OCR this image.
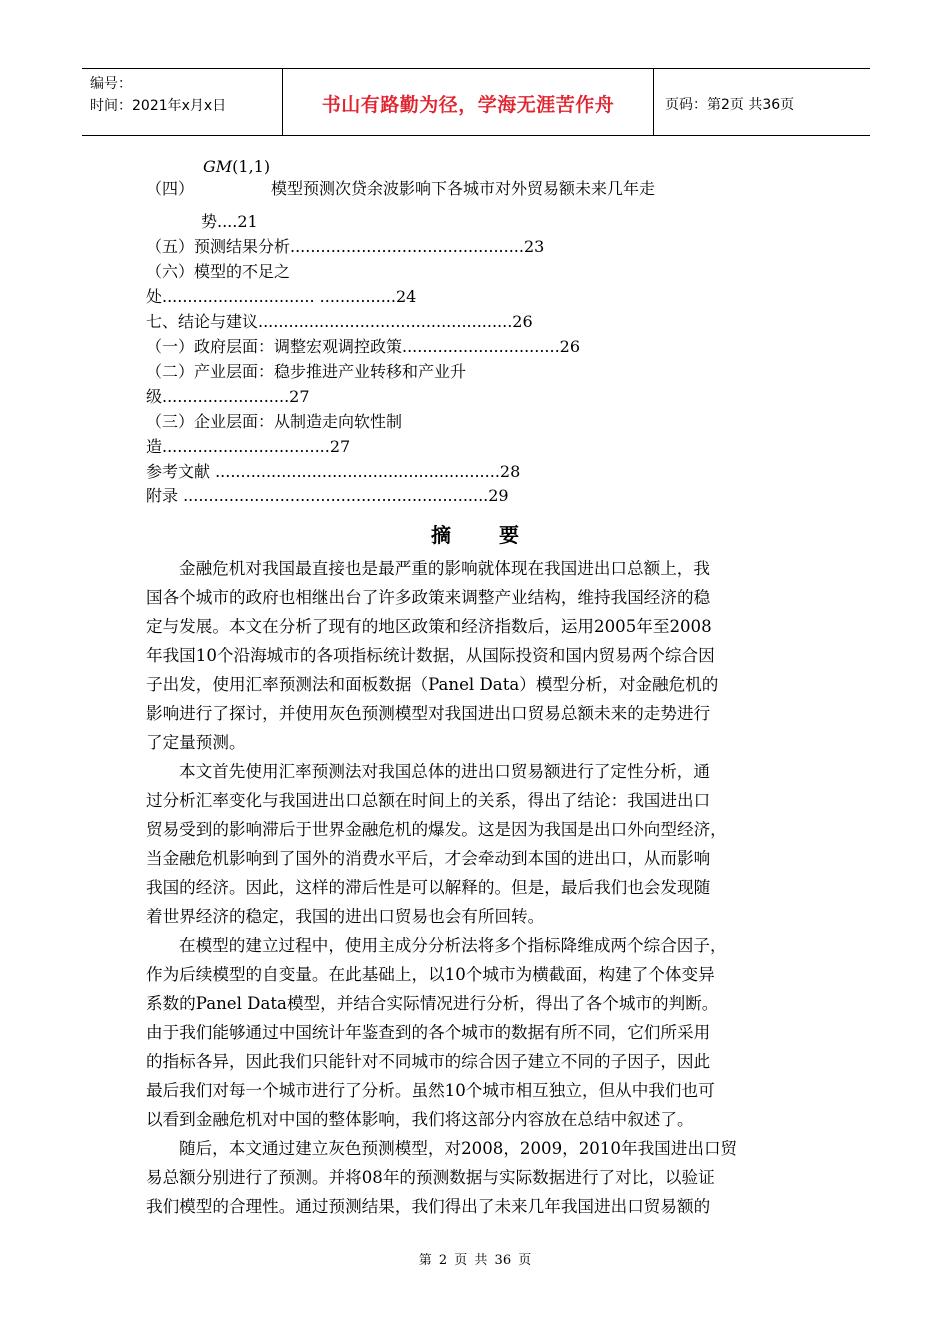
编号：
时间：2021年x月x日	书山有路勤为径，学海无涯苦作舟	页码：第2页 共36页
GM(1,1)
（四）	模型预测次贷余波影响下各城市对外贸易额未来几年走
势....21
（五）预测结果分析..............................................23
（六）模型的不足之
处.............................. ...............24
七、结论与建议..................................................26
（一）政府层面：调整宏观调控政策...............................26
（二）产业层面：稳步推进产业转移和产业升
级.........................27
（三）企业层面：从制造走向软性制
造.................................27
参考文献 ........................................................28
附录 ............................................................29
摘要
金融危机对我国最直接也是最严重的影响就体现在我国进出口总额上，我
国各个城市的政府也相继出台了许多政策来调整产业结构，维持我国经济的稳
定与发展。本文在分析了现有的地区政策和经济指数后，运用2005年至2008
年我国10个沿海城市的各项指标统计数据，从国际投资和国内贸易两个综合因
子出发，使用汇率预测法和面板数据（Panel Data）模型分析，对金融危机的
影响进行了探讨，并使用灰色预测模型对我国进出口贸易总额未来的走势进行
了定量预测。
本文首先使用汇率预测法对我国总体的进出口贸易额进行了定性分析，通
过分析汇率变化与我国进出口总额在时间上的关系，得出了结论：我国进出口
贸易受到的影响滞后于世界金融危机的爆发。这是因为我国是出口外向型经济，
当金融危机影响到了国外的消费水平后，才会牵动到本国的进出口，从而影响
我国的经济。因此，这样的滞后性是可以解释的。但是，最后我们也会发现随
着世界经济的稳定，我国的进出口贸易也会有所回转。
在模型的建立过程中，使用主成分分析法将多个指标降维成两个综合因子，
作为后续模型的自变量。在此基础上，以10个城市为横截面，构建了个体变异
系数的Panel Data模型，并结合实际情况进行分析，得出了各个城市的判断。
由于我们能够通过中国统计年鉴查到的各个城市的数据有所不同，它们所采用
的指标各异，因此我们只能针对不同城市的综合因子建立不同的子因子，因此
最后我们对每一个城市进行了分析。虽然10个城市相互独立，但从中我们也可
以看到金融危机对中国的整体影响，我们将这部分内容放在总结中叙述了。
随后，本文通过建立灰色预测模型，对2008，2009，2010年我国进出口贸
易总额分别进行了预测。并将08年的预测数据与实际数据进行了对比，以验证
我们模型的合理性。通过预测结果，我们得出了未来几年我国进出口贸易额的
第 2 页 共 36 页
